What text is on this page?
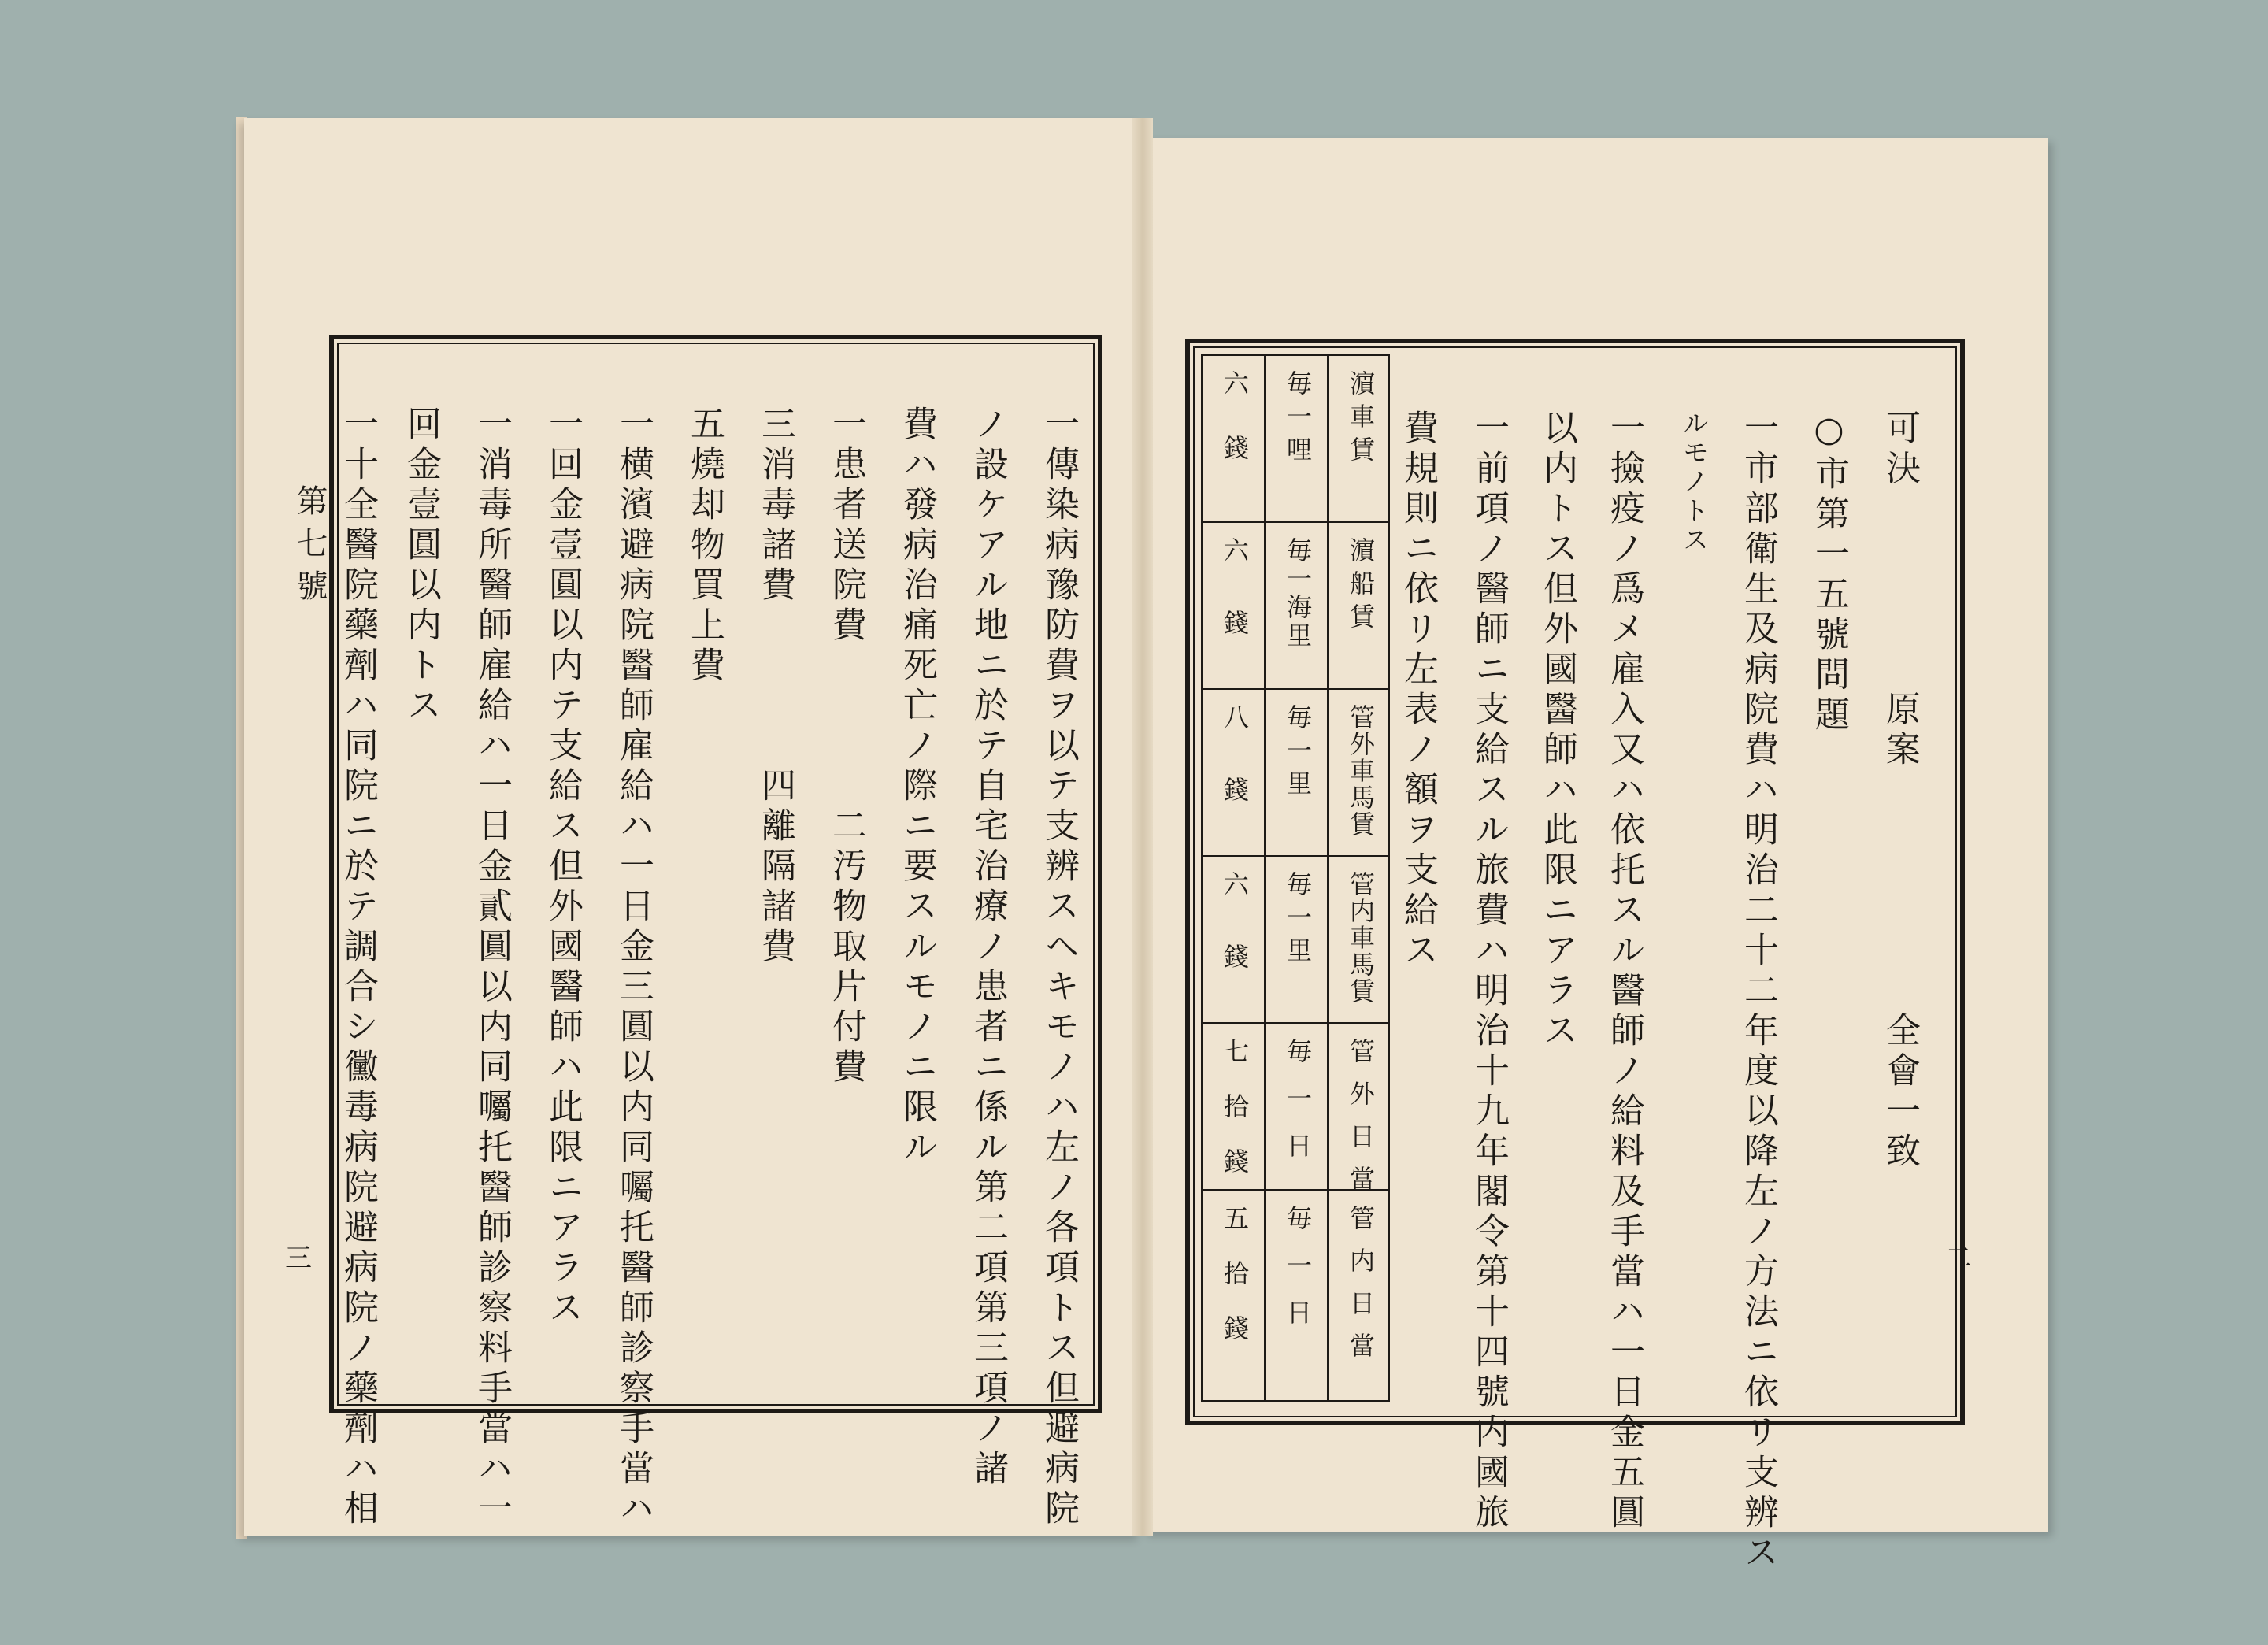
第七號
三	一傳染病豫防費ヲ以テ支辨スヘキモノハ左ノ各項トス但避病院
ノ設ケアル地ニ於テ自宅治療ノ患者ニ係ル第二項第三項ノ諸
費ハ發病治痛死亡ノ際ニ要スルモノニ限ル
一患者送院費　　　　二汚物取片付費
三消毒諸費　　　　四離隔諸費
五燒却物買上費
一横濱避病院醫師雇給ハ一日金三圓以内同囑托醫師診察手當ハ
一回金壹圓以内テ支給ス但外國醫師ハ此限ニアラス
一消毒所醫師雇給ハ一日金貳圓以内同囑托醫師診察料手當ハ一
回金壹圓以内トス
一十全醫院藥劑ハ同院ニ於テ調合シ黴毒病院避病院ノ藥劑ハ相	二
可決　　　　　原案　　　　　　全會一致
○市第一五號問題
一市部衛生及病院費ハ明治二十二年度以降左ノ方法ニ依リ支辨ス
ルモノトス
一撿疫ノ爲メ雇入又ハ依托スル醫師ノ給料及手當ハ一日金五圓
以内トス但外國醫師ハ此限ニアラス
一前項ノ醫師ニ支給スル旅費ハ明治十九年閣令第十四號内國旅
費規則ニ依リ左表ノ額ヲ支給ス
濵車賃
濵船賃
管外車馬賃
管内車馬賃
管外日當
管内日當
毎一哩
毎一海里
毎一里
毎一里
毎一日
毎一日
六錢
六錢
八錢
六錢
七拾錢
五拾錢
